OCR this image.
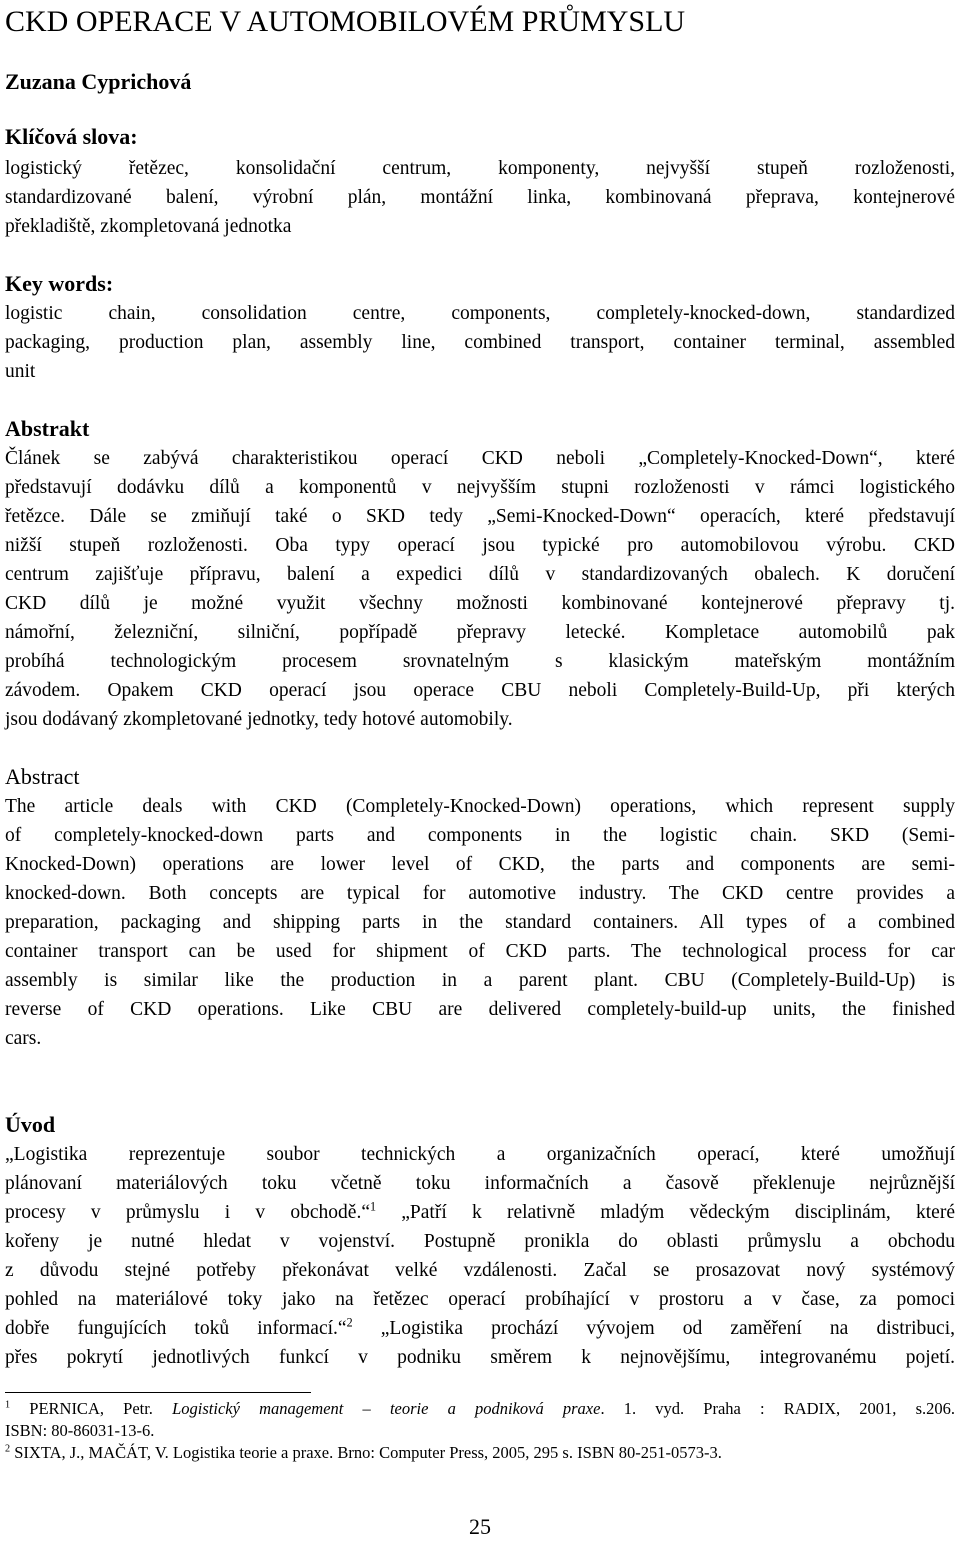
CKD OPERACE V AUTOMOBILOVÉM PRŮMYSLU
Zuzana Cyprichová
Klíčová slova:
logistický řetězec, konsolidační centrum, komponenty, nejvyšší stupeň rozloženosti,
standardizované balení, výrobní plán, montážní linka, kombinovaná přeprava, kontejnerové
překladiště, zkompletovaná jednotka
Key words:
logistic chain, consolidation centre, components, completely-knocked-down, standardized
packaging, production plan, assembly line, combined transport, container terminal, assembled
unit
Abstrakt
Článek se zabývá charakteristikou operací CKD neboli „Completely-Knocked-Down“, které
představují dodávku dílů a komponentů v nejvyšším stupni rozloženosti v rámci logistického
řetězce. Dále se zmiňují také o SKD tedy „Semi-Knocked-Down“ operacích, které představují
nižší stupeň rozloženosti. Oba typy operací jsou typické pro automobilovou výrobu. CKD
centrum zajišťuje přípravu, balení a expedici dílů v standardizovaných obalech. K doručení
CKD dílů je možné využit všechny možnosti kombinované kontejnerové přepravy tj.
námořní, železniční, silniční, popřípadě přepravy letecké. Kompletace automobilů pak
probíhá technologickým procesem srovnatelným s klasickým mateřským montážním
závodem. Opakem CKD operací jsou operace CBU neboli Completely-Build-Up, při kterých
jsou dodávaný zkompletované jednotky, tedy hotové automobily.
Abstract
The article deals with CKD (Completely-Knocked-Down) operations, which represent supply
of completely-knocked-down parts and components in the logistic chain. SKD (Semi-
Knocked-Down) operations are lower level of CKD, the parts and components are semi-
knocked-down. Both concepts are typical for automotive industry. The CKD centre provides a
preparation, packaging and shipping parts in the standard containers. All types of a combined
container transport can be used for shipment of CKD parts. The technological process for car
assembly is similar like the production in a parent plant. CBU (Completely-Build-Up) is
reverse of CKD operations. Like CBU are delivered completely-build-up units, the finished
cars.
Úvod
„Logistika reprezentuje soubor technických a organizačních operací, které umožňují
plánovaní materiálových toku včetně toku informačních a časově překlenuje nejrůznější
procesy v průmyslu i v obchodě.“$^1$ „Patří k relativně mladým vědeckým disciplinám, které
kořeny je nutné hledat v vojenství. Postupně pronikla do oblasti průmyslu a obchodu
z důvodu stejné potřeby překonávat velké vzdálenosti. Začal se prosazovat nový systémový
pohled na materiálové toky jako na řetězec operací probíhající v prostoru a v čase, za pomoci
dobře fungujících toků informací.“$^2$ „Logistika prochází vývojem od zaměření na distribuci,
přes pokrytí jednotlivých funkcí v podniku směrem k nejnovějšímu, integrovanému pojetí.
$^1$ PERNICA, Petr. Logistický management – teorie a podniková praxe. 1. vyd. Praha : RADIX, 2001, s.206.
ISBN: 80-86031-13-6.
$^2$ SIXTA, J., MAČÁT, V. Logistika teorie a praxe. Brno: Computer Press, 2005, 295 s. ISBN 80-251-0573-3.
25
